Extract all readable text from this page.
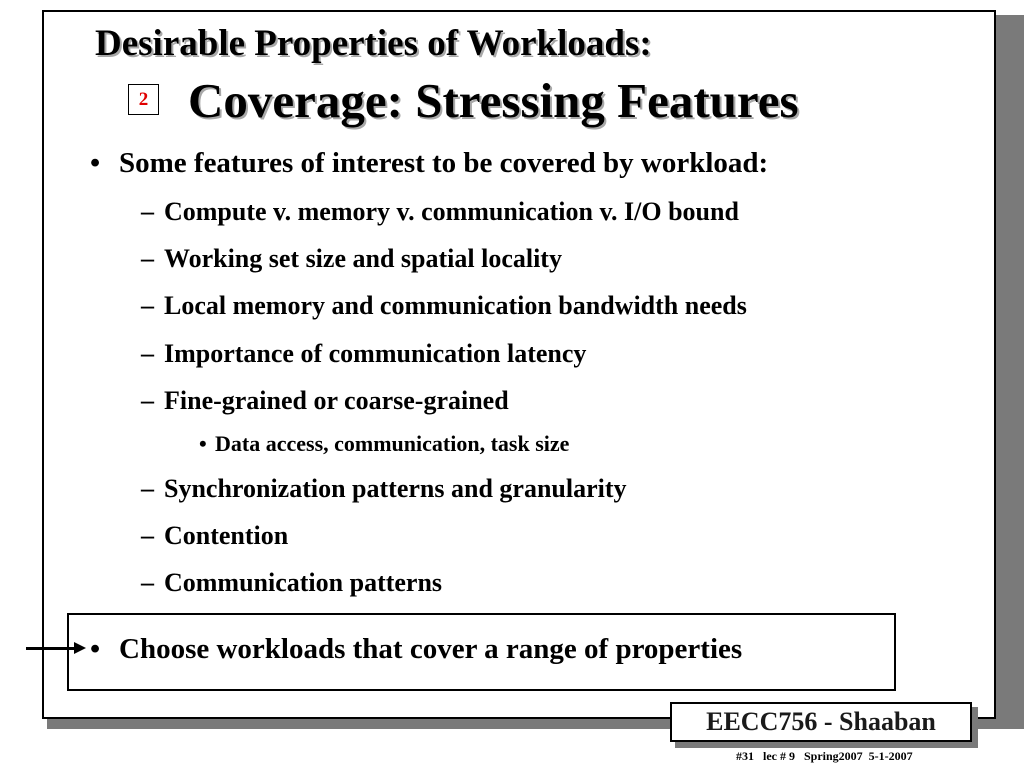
Desirable Properties of Workloads:
2 Coverage: Stressing Features
• Some features of interest to be covered by workload:
– Compute v. memory v. communication v. I/O bound
– Working set size and spatial locality
– Local memory and communication bandwidth needs
– Importance of communication latency
– Fine-grained or coarse-grained
• Data access, communication, task size
– Synchronization patterns and granularity
– Contention
– Communication patterns
• Choose workloads that cover a range of properties
EECC756 - Shaaban
#31   lec # 9   Spring2007  5-1-2007
